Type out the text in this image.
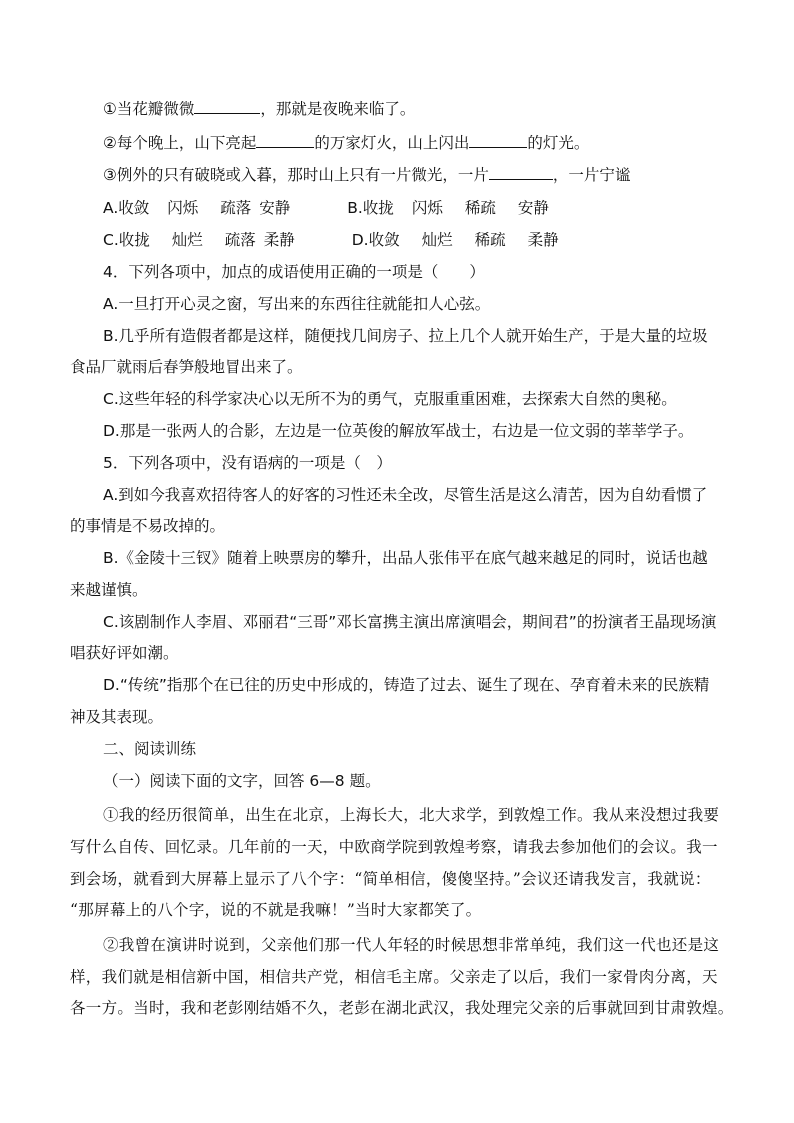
①当花瓣微微	，那就是夜晚来临了。
②每个晚上，山下亮起	的万家灯火，山上闪出	的灯光。
③例外的只有破晓或入暮，那时山上只有一片微光，一片	，一片宁谧
A.收敛 闪烁 疏落 安静	B.收拢 闪烁 稀疏 安静
C.收拢 灿烂 疏落 柔静	D.收敛 灿烂 稀疏 柔静
4．下列各项中，加点的成语使用正确的一项是（　　）
A.一旦打开心灵之窗，写出来的东西往往就能扣人心弦。
B.几乎所有造假者都是这样，随便找几间房子、拉上几个人就开始生产，于是大量的垃圾
食品厂就雨后春笋般地冒出来了。
C.这些年轻的科学家决心以无所不为的勇气，克服重重困难，去探索大自然的奥秘。
D.那是一张两人的合影，左边是一位英俊的解放军战士，右边是一位文弱的莘莘学子。
5．下列各项中，没有语病的一项是（　）
A.到如今我喜欢招待客人的好客的习性还未全改，尽管生活是这么清苦，因为自幼看惯了
的事情是不易改掉的。
B.《金陵十三钗》随着上映票房的攀升，出品人张伟平在底气越来越足的同时，说话也越
来越谨慎。
C.该剧制作人李眉、邓丽君“三哥”邓长富携主演出席演唱会，期间君”的扮演者王晶现场演
唱获好评如潮。
D.“传统”指那个在已往的历史中形成的，铸造了过去、诞生了现在、孕育着未来的民族精
神及其表现。
二、阅读训练
（一）阅读下面的文字，回答 6—8 题。
①我的经历很简单，出生在北京，上海长大，北大求学，到敦煌工作。我从来没想过我要
写什么自传、回忆录。几年前的一天，中欧商学院到敦煌考察，请我去参加他们的会议。我一
到会场，就看到大屏幕上显示了八个字：“简单相信，傻傻坚持。”会议还请我发言，我就说：
“那屏幕上的八个字，说的不就是我嘛！”当时大家都笑了。
②我曾在演讲时说到，父亲他们那一代人年轻的时候思想非常单纯，我们这一代也还是这
样，我们就是相信新中国，相信共产党，相信毛主席。父亲走了以后，我们一家骨肉分离，天
各一方。当时，我和老彭刚结婚不久，老彭在湖北武汉，我处理完父亲的后事就回到甘肃敦煌。
